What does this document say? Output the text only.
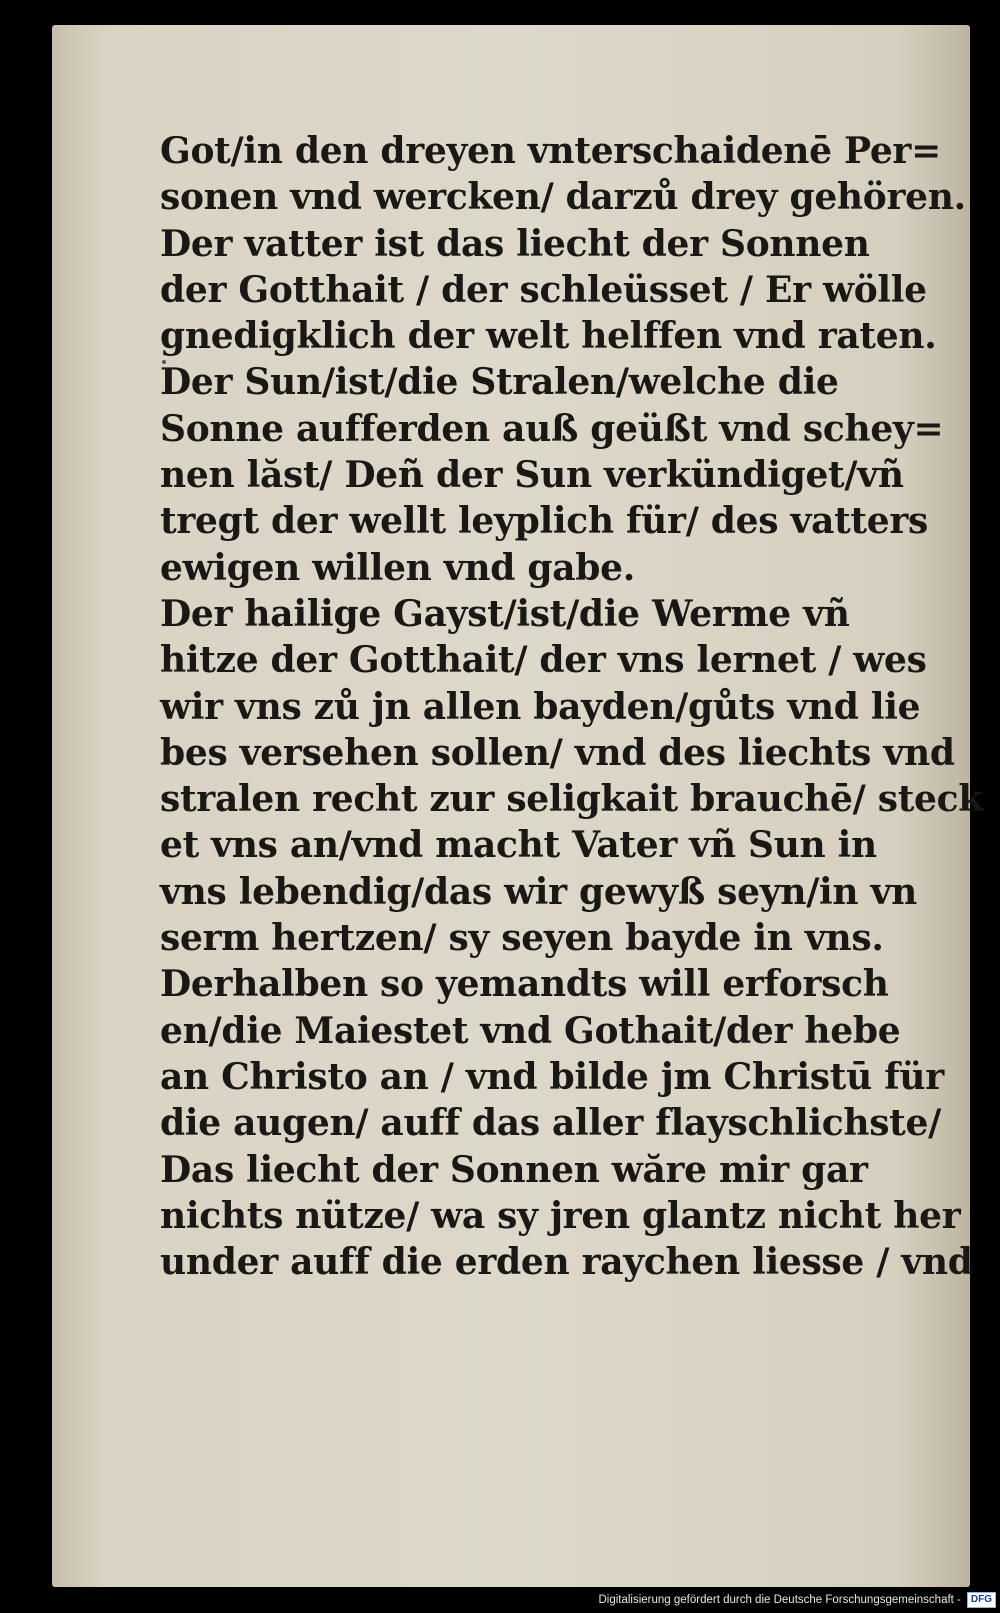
Got/in den dreyen vnterschaidenē Per=
sonen vnd wercken/ darzů drey gehören.
Der vatter ist das liecht der Sonnen
der Gotthait / der schleüsset / Er wölle
gnedigklich der welt helffen vnd raten.
Der Sun/ist/die Stralen/welche die
Sonne aufferden auß geüßt vnd schey=
nen lăst/ Deñ der Sun verkündiget/vñ
tregt der wellt leyplich für/ des vatters
ewigen willen vnd gabe.
Der hailige Gayst/ist/die Werme vñ
hitze der Gotthait/ der vns lernet / wes
wir vns zů jn allen bayden/gůts vnd lie
bes versehen sollen/ vnd des liechts vnd
stralen recht zur seligkait brauchē/ steck
et vns an/vnd macht Vater vñ Sun in
vns lebendig/das wir gewyß seyn/in vn
serm hertzen/ sy seyen bayde in vns.
Derhalben so yemandts will erforsch
en/die Maiestet vnd Gothait/der hebe
an Christo an / vnd bilde jm Christū für
die augen/ auff das aller flayschlichste/
Das liecht der Sonnen wăre mir gar
nichts nütze/ wa sy jren glantz nicht her
under auff die erden raychen liesse / vnd
Digitalisierung gefördert durch die Deutsche Forschungsgemeinschaft -	DFG
